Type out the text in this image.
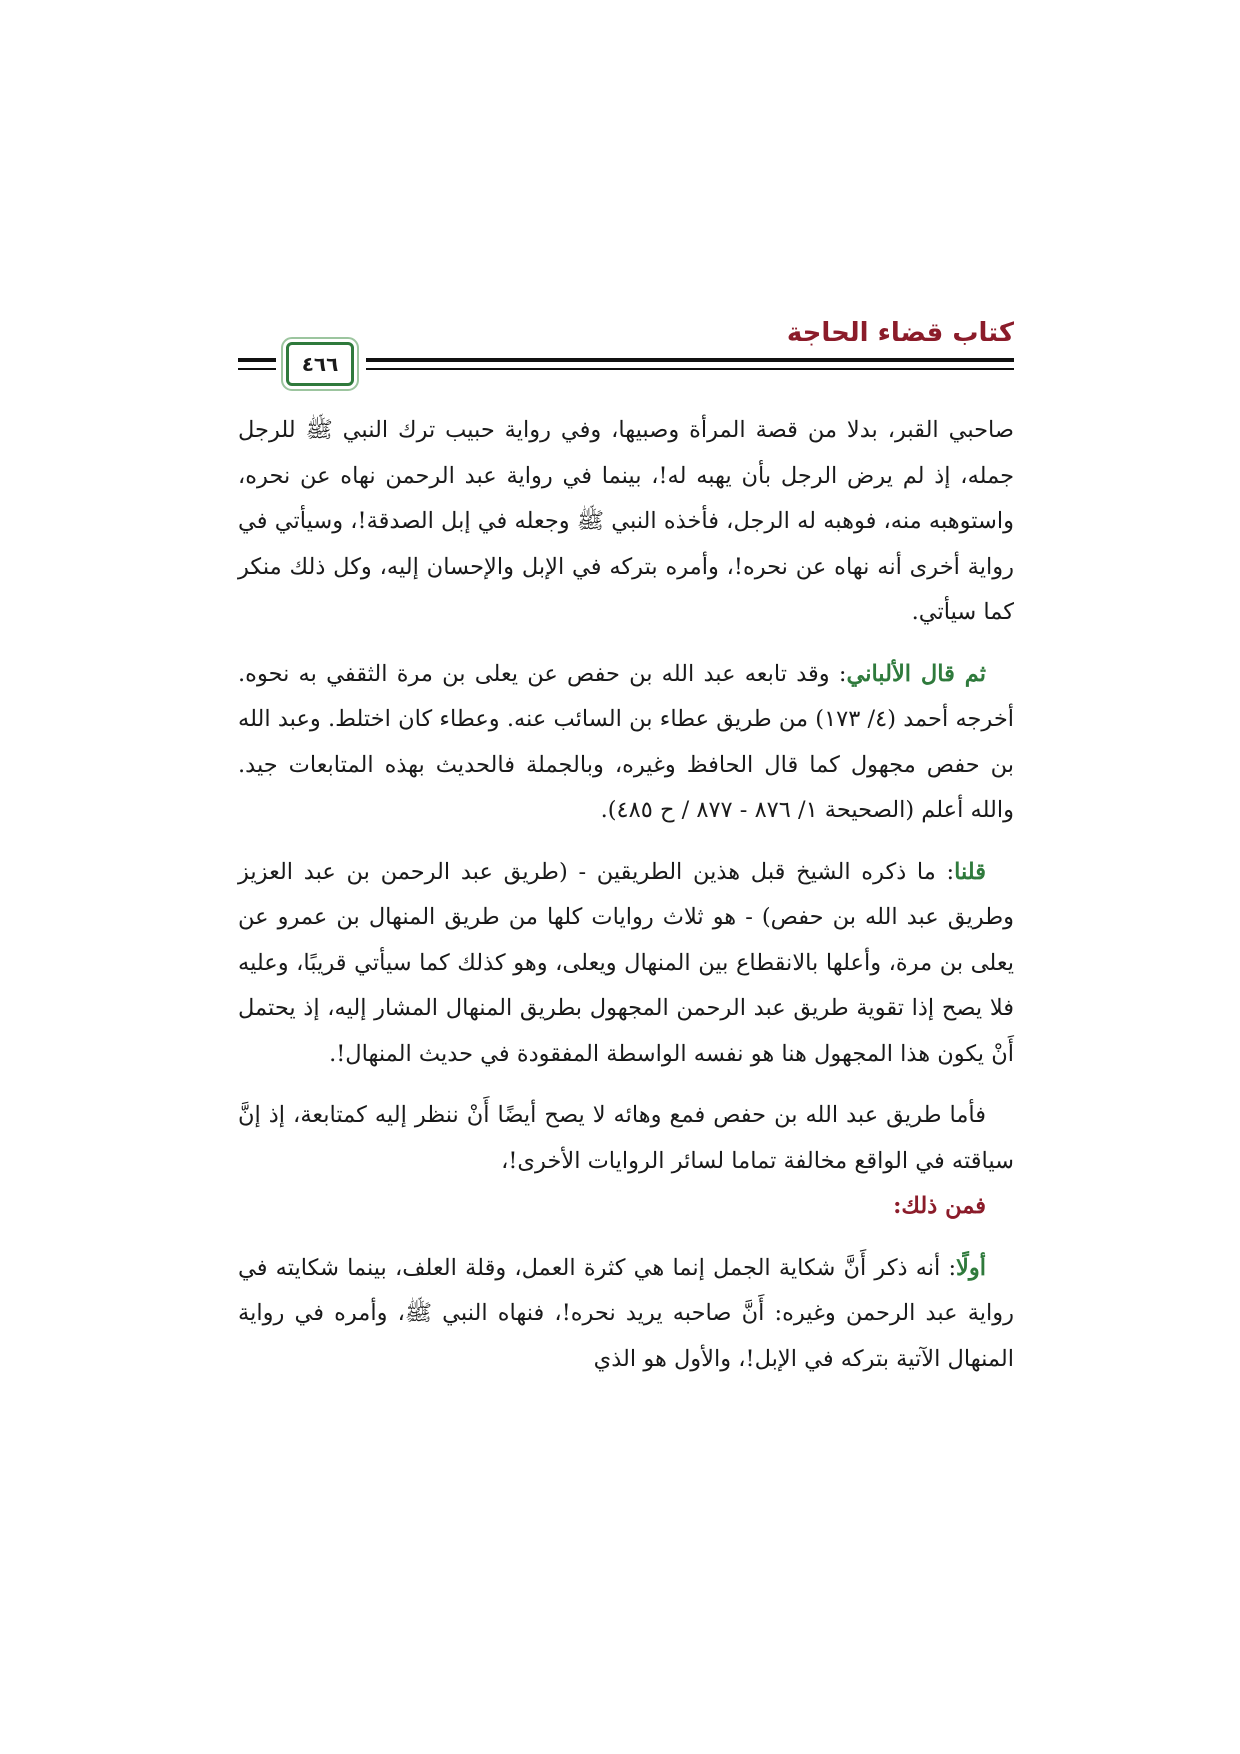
كتاب قضاء الحاجة
٤٦٦

صاحبي القبر، بدلا من قصة المرأة وصبيها، وفي رواية حبيب ترك النبي ﷺ للرجل جمله، إذ لم يرض الرجل بأن يهبه له!، بينما في رواية عبد الرحمن نهاه عن نحره، واستوهبه منه، فوهبه له الرجل، فأخذه النبي ﷺ وجعله في إبل الصدقة!، وسيأتي في رواية أخرى أنه نهاه عن نحره!، وأمره بتركه في الإبل والإحسان إليه، وكل ذلك منكر كما سيأتي.

ثم قال الألباني: وقد تابعه عبد الله بن حفص عن يعلى بن مرة الثقفي به نحوه. أخرجه أحمد (٤/ ١٧٣) من طريق عطاء بن السائب عنه. وعطاء كان اختلط. وعبد الله بن حفص مجهول كما قال الحافظ وغيره، وبالجملة فالحديث بهذه المتابعات جيد. والله أعلم (الصحيحة ١/ ٨٧٦ - ٨٧٧ / ح ٤٨٥).

قلنا: ما ذكره الشيخ قبل هذين الطريقين - (طريق عبد الرحمن بن عبد العزيز وطريق عبد الله بن حفص) - هو ثلاث روايات كلها من طريق المنهال بن عمرو عن يعلى بن مرة، وأعلها بالانقطاع بين المنهال ويعلى، وهو كذلك كما سيأتي قريبًا، وعليه فلا يصح إذا تقوية طريق عبد الرحمن المجهول بطريق المنهال المشار إليه، إذ يحتمل أَنْ يكون هذا المجهول هنا هو نفسه الواسطة المفقودة في حديث المنهال!.

فأما طريق عبد الله بن حفص فمع وهائه لا يصح أيضًا أَنْ ننظر إليه كمتابعة، إذ إنَّ سياقته في الواقع مخالفة تماما لسائر الروايات الأخرى!،
فمن ذلك:

أولًا: أنه ذكر أَنَّ شكاية الجمل إنما هي كثرة العمل، وقلة العلف، بينما شكايته في رواية عبد الرحمن وغيره: أَنَّ صاحبه يريد نحره!، فنهاه النبي ﷺ، وأمره في رواية المنهال الآتية بتركه في الإبل!، والأول هو الذي
